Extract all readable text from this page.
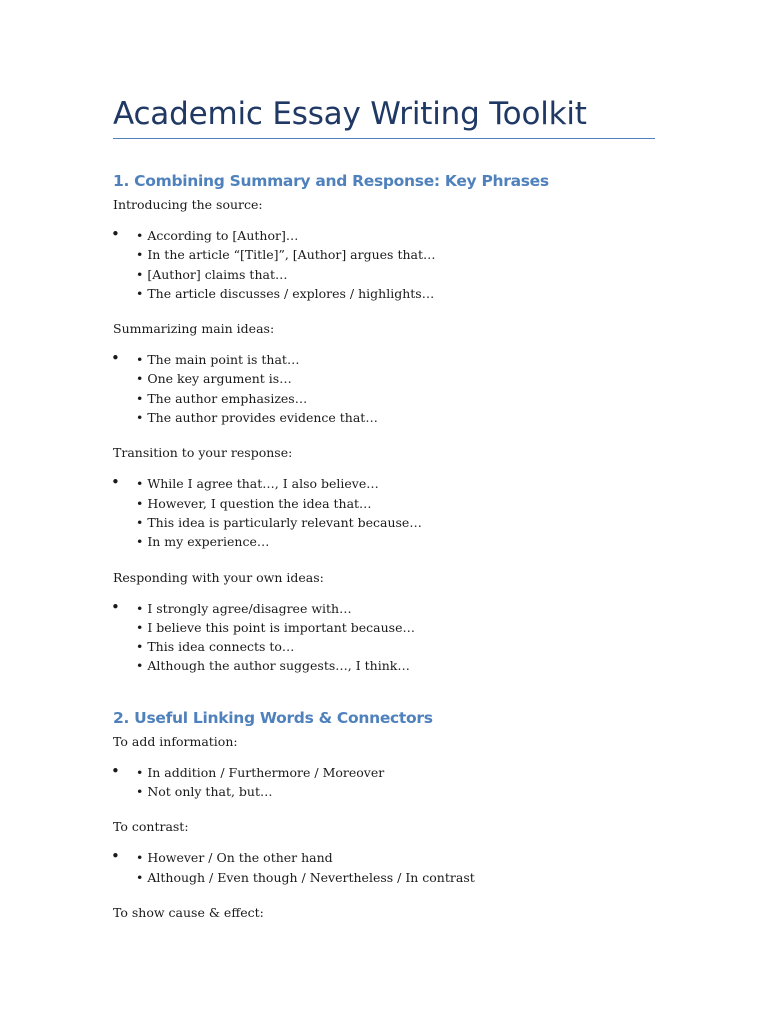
Academic Essay Writing Toolkit
1. Combining Summary and Response: Key Phrases

Introducing the source:

• • According to [Author]…
• In the article “[Title]”, [Author] argues that…
• [Author] claims that…
• The article discusses / explores / highlights…

Summarizing main ideas:

• • The main point is that…
• One key argument is…
• The author emphasizes…
• The author provides evidence that…

Transition to your response:

• • While I agree that…, I also believe…
• However, I question the idea that…
• This idea is particularly relevant because…
• In my experience…

Responding with your own ideas:

• • I strongly agree/disagree with…
• I believe this point is important because…
• This idea connects to…
• Although the author suggests…, I think…
2. Useful Linking Words & Connectors

To add information:

• • In addition / Furthermore / Moreover
• Not only that, but…

To contrast:

• • However / On the other hand
• Although / Even though / Nevertheless / In contrast

To show cause & effect:
